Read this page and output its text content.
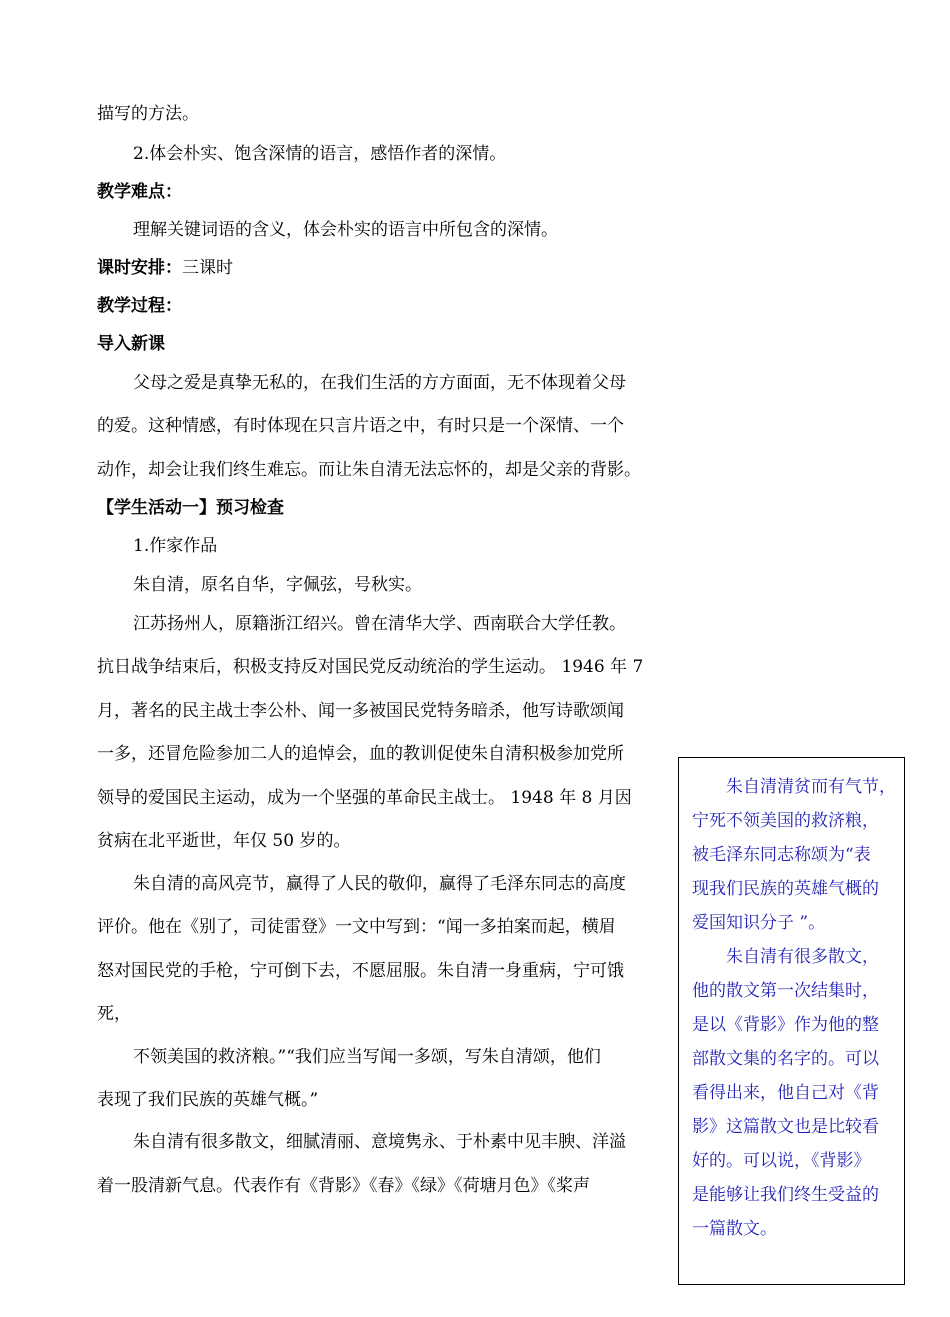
描写的方法。
2.体会朴实、饱含深情的语言，感悟作者的深情。
教学难点：
理解关键词语的含义，体会朴实的语言中所包含的深情。
课时安排：三课时
教学过程：
导入新课
父母之爱是真挚无私的，在我们生活的方方面面，无不体现着父母
的爱。这种情感，有时体现在只言片语之中，有时只是一个深情、一个
动作，却会让我们终生难忘。而让朱自清无法忘怀的，却是父亲的背影。
【学生活动一】预习检查
1.作家作品
朱自清，原名自华，字佩弦，号秋实。
江苏扬州人，原籍浙江绍兴。曾在清华大学、西南联合大学任教。
抗日战争结束后，积极支持反对国民党反动统治的学生运动。 1946 年 7
月，著名的民主战士李公朴、闻一多被国民党特务暗杀，他写诗歌颂闻
一多，还冒危险参加二人的追悼会，血的教训促使朱自清积极参加党所
领导的爱国民主运动，成为一个坚强的革命民主战士。 1948 年 8 月因
贫病在北平逝世，年仅 50 岁的。
朱自清的高风亮节，赢得了人民的敬仰，赢得了毛泽东同志的高度
评价。他在《别了，司徒雷登》一文中写到：“闻一多拍案而起，横眉
怒对国民党的手枪，宁可倒下去，不愿屈服。朱自清一身重病，宁可饿
死，
不领美国的救济粮。”“我们应当写闻一多颂，写朱自清颂，他们
表现了我们民族的英雄气概。”
朱自清有很多散文，细腻清丽、意境隽永、于朴素中见丰腴、洋溢
着一股清新气息。代表作有《背影》《春》《绿》《荷塘月色》《桨声
朱自清清贫而有气节，
宁死不领美国的救济粮，
被毛泽东同志称颂为“表
现我们民族的英雄气概的
爱国知识分子 ”。
朱自清有很多散文，
他的散文第一次结集时，
是以《背影》作为他的整
部散文集的名字的。可以
看得出来，他自己对《背
影》这篇散文也是比较看
好的。可以说，《背影》
是能够让我们终生受益的
一篇散文。
